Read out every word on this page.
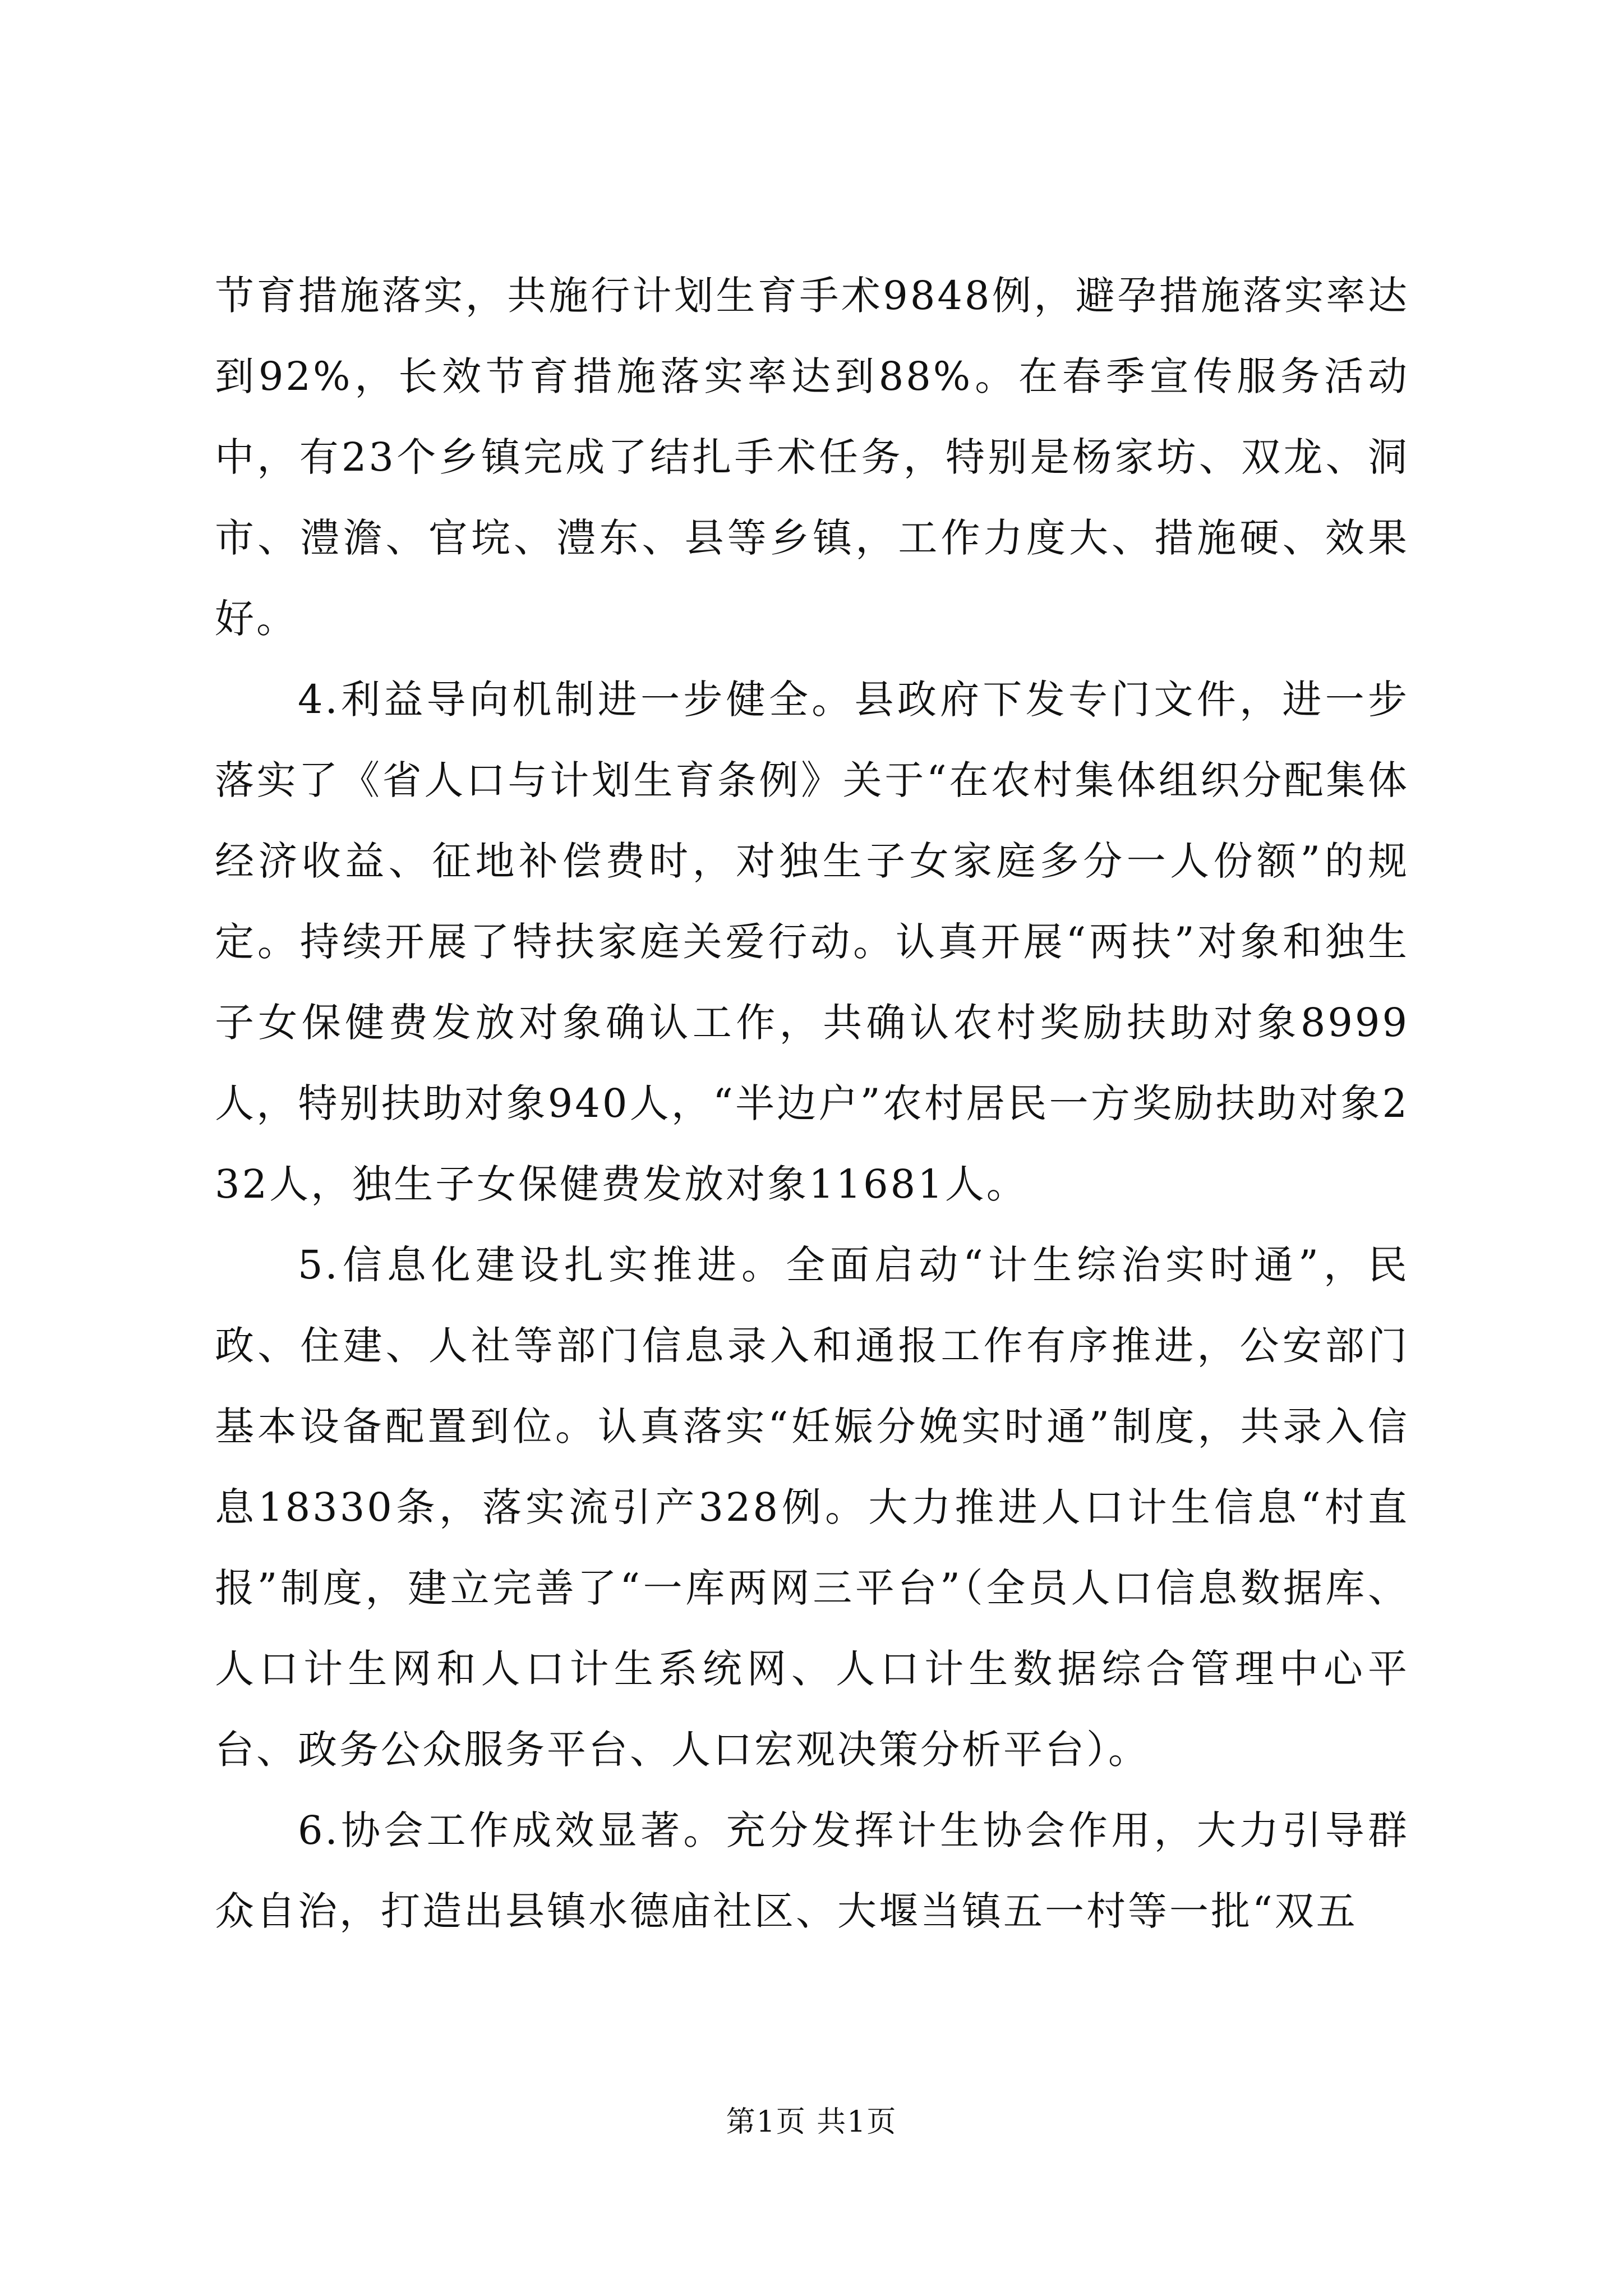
节育措施落实，共施行计划生育手术9848例，避孕措施落实率达到92%，长效节育措施落实率达到88%。在春季宣传服务活动中，有23个乡镇完成了结扎手术任务，特别是杨家坊、双龙、洞市、澧澹、官垸、澧东、县等乡镇，工作力度大、措施硬、效果好。

4.利益导向机制进一步健全。县政府下发专门文件，进一步落实了《省人口与计划生育条例》关于“在农村集体组织分配集体经济收益、征地补偿费时，对独生子女家庭多分一人份额”的规定。持续开展了特扶家庭关爱行动。认真开展“两扶”对象和独生子女保健费发放对象确认工作，共确认农村奖励扶助对象8999人，特别扶助对象940人，“半边户”农村居民一方奖励扶助对象232人，独生子女保健费发放对象11681人。

5.信息化建设扎实推进。全面启动“计生综治实时通”，民政、住建、人社等部门信息录入和通报工作有序推进，公安部门基本设备配置到位。认真落实“妊娠分娩实时通”制度，共录入信息18330条，落实流引产328例。大力推进人口计生信息“村直报”制度，建立完善了“一库两网三平台”（全员人口信息数据库、人口计生网和人口计生系统网、人口计生数据综合管理中心平台、政务公众服务平台、人口宏观决策分析平台）。

6.协会工作成效显著。充分发挥计生协会作用，大力引导群众自治，打造出县镇水德庙社区、大堰当镇五一村等一批“双五

第1页 共1页
